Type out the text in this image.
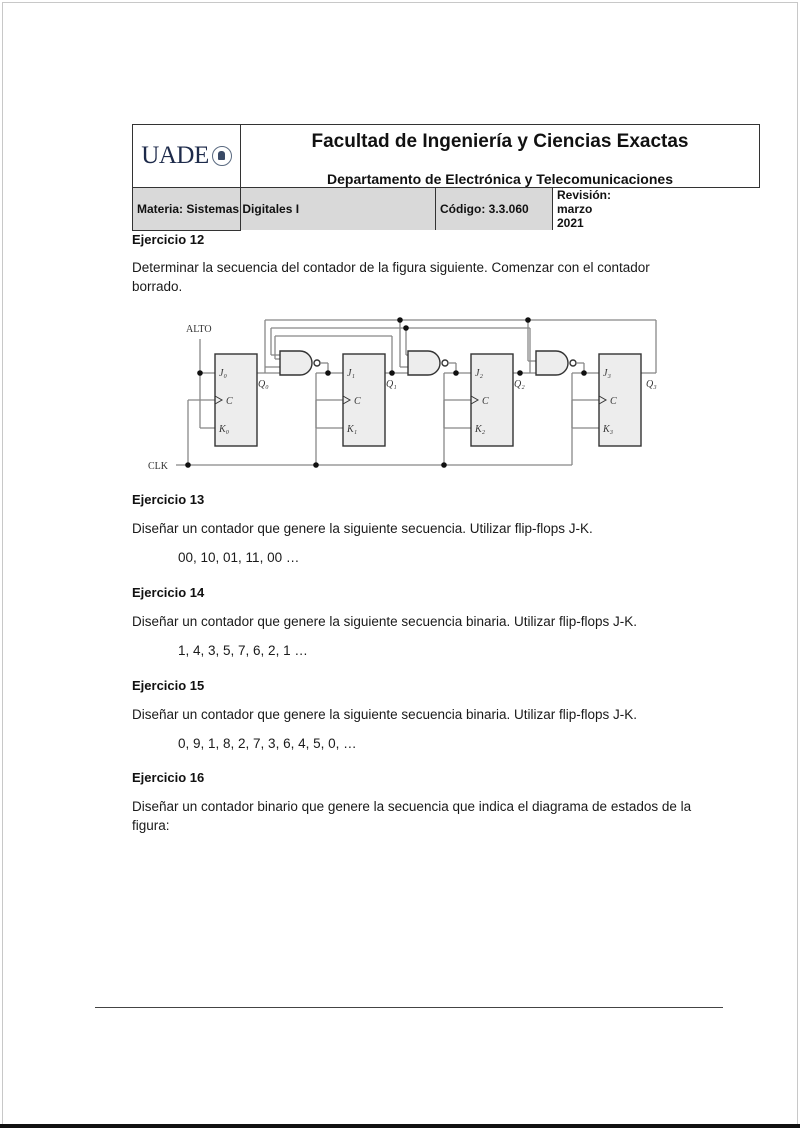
UADE

Facultad de Ingeniería y Ciencias Exactas
Departamento de Electrónica y Telecomunicaciones

Materia: Sistemas Digitales I	
		Código: 3.3.060	Revisión: marzo 2021
Ejercicio 12
Determinar la secuencia del contador de la figura siguiente. Comenzar con el contador borrado.
ALTO
CLK
J₀
C
K₀
Q₀
J₁
C
K₁
Q₁
J₂
C
K₂
Q₂
J₃
C
K₃
Q₃
Ejercicio 13
Diseñar un contador que genere la siguiente secuencia. Utilizar flip-flops J-K.
00, 10, 01, 11, 00 …
Ejercicio 14
Diseñar un contador que genere la siguiente secuencia binaria. Utilizar flip-flops J-K.
1, 4, 3, 5, 7, 6, 2, 1 …
Ejercicio 15
Diseñar un contador que genere la siguiente secuencia binaria. Utilizar flip-flops J-K.
0, 9, 1, 8, 2, 7, 3, 6, 4, 5, 0, …
Ejercicio 16
Diseñar un contador binario que genere la secuencia que indica el diagrama de estados de la figura:
